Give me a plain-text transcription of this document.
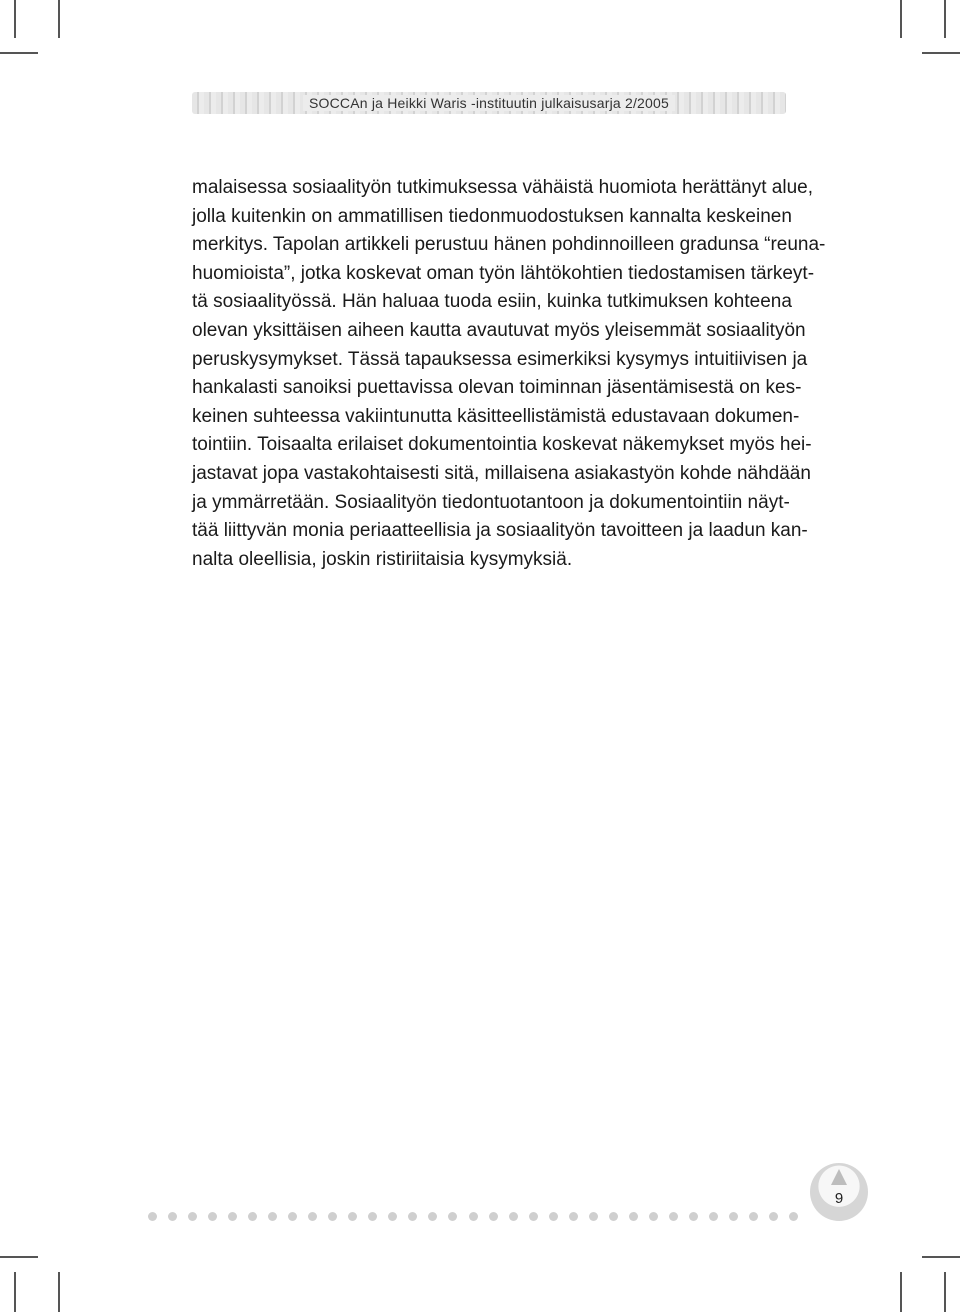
SOCCAn ja Heikki Waris -instituutin julkaisusarja 2/2005

malaisessa sosiaalityön tutkimuksessa vähäistä huomiota herättänyt alue,
jolla kuitenkin on ammatillisen tiedonmuodostuksen kannalta keskeinen
merkitys. Tapolan artikkeli perustuu hänen pohdinnoilleen gradunsa “reuna-
huomioista”, jotka koskevat oman työn lähtökohtien tiedostamisen tärkeyt-
tä sosiaalityössä. Hän haluaa tuoda esiin, kuinka tutkimuksen kohteena
olevan yksittäisen aiheen kautta avautuvat myös yleisemmät sosiaalityön
peruskysymykset. Tässä tapauksessa esimerkiksi kysymys intuitiivisen ja
hankalasti sanoiksi puettavissa olevan toiminnan jäsentämisestä on kes-
keinen suhteessa vakiintunutta käsitteellistämistä edustavaan dokumen-
tointiin. Toisaalta erilaiset dokumentointia koskevat näkemykset myös hei-
jastavat jopa vastakohtaisesti sitä, millaisena asiakastyön kohde nähdään
ja ymmärretään. Sosiaalityön tiedontuotantoon ja dokumentointiin näyt-
tää liittyvän monia periaatteellisia ja sosiaalityön tavoitteen ja laadun kan-
nalta oleellisia, joskin ristiriitaisia kysymyksiä.

9
